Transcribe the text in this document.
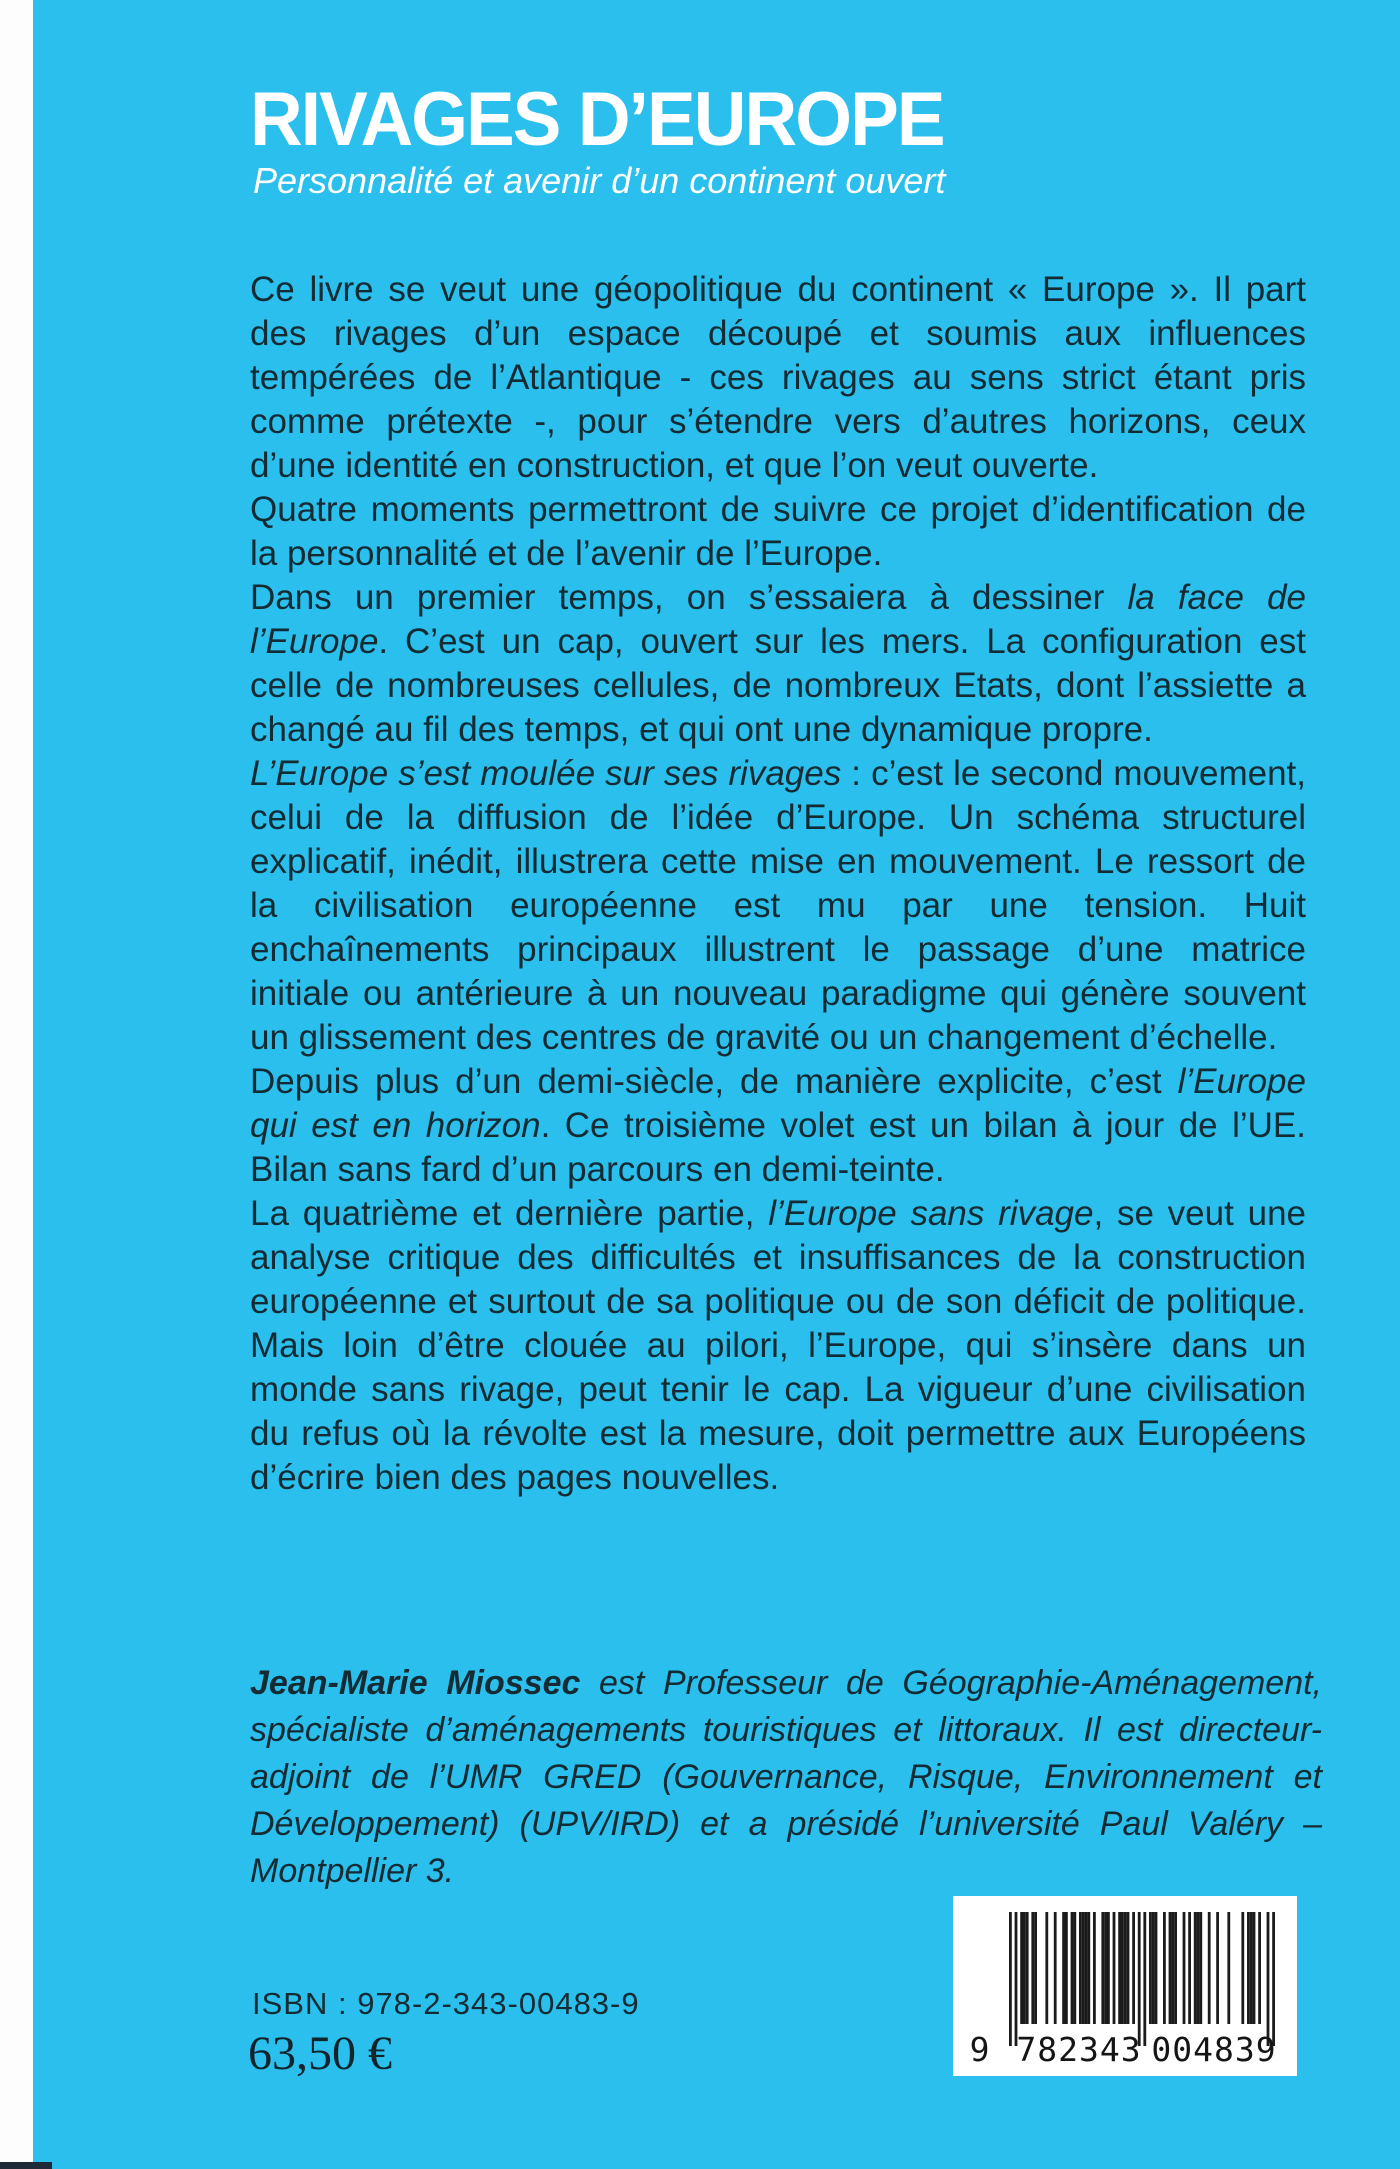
RIVAGES D’EUROPE
Personnalité et avenir d’un continent ouvert

Ce livre se veut une géopolitique du continent « Europe ». Il part des rivages d’un espace découpé et soumis aux influences tempérées de l’Atlantique - ces rivages au sens strict étant pris comme prétexte -, pour s’étendre vers d’autres horizons, ceux d’une identité en construction, et que l’on veut ouverte.

Quatre moments permettront de suivre ce projet d’identification de la personnalité et de l’avenir de l’Europe.

Dans un premier temps, on s’essaiera à dessiner la face de l’Europe. C’est un cap, ouvert sur les mers. La configuration est celle de nombreuses cellules, de nombreux Etats, dont l’assiette a changé au fil des temps, et qui ont une dynamique propre.

L’Europe s’est moulée sur ses rivages : c’est le second mouvement, celui de la diffusion de l’idée d’Europe. Un schéma structurel explicatif, inédit, illustrera cette mise en mouvement. Le ressort de la civilisation européenne est mu par une tension. Huit enchaînements principaux illustrent le passage d’une matrice initiale ou antérieure à un nouveau paradigme qui génère souvent un glissement des centres de gravité ou un changement d’échelle.

Depuis plus d’un demi-siècle, de manière explicite, c’est l’Europe qui est en horizon. Ce troisième volet est un bilan à jour de l’UE. Bilan sans fard d’un parcours en demi-teinte.

La quatrième et dernière partie, l’Europe sans rivage, se veut une analyse critique des difficultés et insuffisances de la construction européenne et surtout de sa politique ou de son déficit de politique. Mais loin d’être clouée au pilori, l’Europe, qui s’insère dans un monde sans rivage, peut tenir le cap. La vigueur d’une civilisation du refus où la révolte est la mesure, doit permettre aux Européens d’écrire bien des pages nouvelles.

Jean-Marie Miossec est Professeur de Géographie-Aménagement, spécialiste d’aménagements touristiques et littoraux. Il est directeur-adjoint de l’UMR GRED (Gouvernance, Risque, Environnement et Développement) (UPV/IRD) et a présidé l’université Paul Valéry – Montpellier 3.
ISBN : 978-2-343-00483-9
63,50 €	9 782343 004839
